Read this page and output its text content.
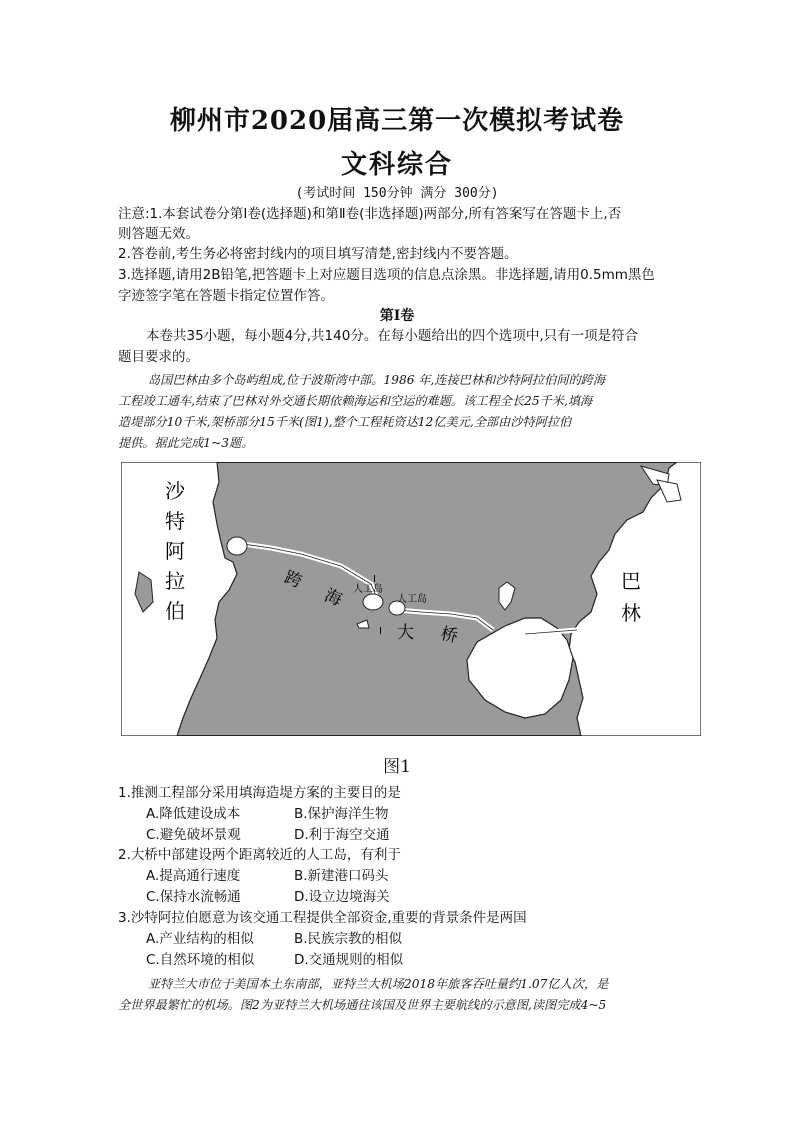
柳州市2020届高三第一次模拟考试卷
文科综合
(考试时间 150分钟 满分 300分)
注意:1.本套试卷分第Ⅰ卷(选择题)和第Ⅱ卷(非选择题)两部分,所有答案写在答题卡上,否
则答题无效。
2.答卷前,考生务必将密封线内的项目填写清楚,密封线内不要答题。
3.选择题,请用2B铅笔,把答题卡上对应题目选项的信息点涂黑。非选择题,请用0.5mm黑色
字迹签字笔在答题卡指定位置作答。
第Ⅰ卷
本卷共35小题，每小题4分,共140分。在每小题给出的四个选项中,只有一项是符合
题目要求的。
岛国巴林由多个岛屿组成,位于波斯湾中部。1986 年,连接巴林和沙特阿拉伯间的跨海
工程竣工通车,结束了巴林对外交通长期依赖海运和空运的难题。该工程全长25千米,填海
造堤部分10千米,架桥部分15千米(图1),整个工程耗资达12亿美元,全部由沙特阿拉伯
提供。据此完成1~3题。
I
I
沙
特
阿
拉
伯
巴
林
跨
海
大 桥
人工岛
人工岛
图1
1.推测工程部分采用填海造堤方案的主要目的是
A.降低建设成本	B.保护海洋生物
C.避免破坏景观	D.利于海空交通
2.大桥中部建设两个距离较近的人工岛，有利于
A.提高通行速度	B.新建港口码头
C.保持水流畅通	D.设立边境海关
3.沙特阿拉伯愿意为该交通工程提供全部资金,重要的背景条件是两国
A.产业结构的相似	B.民族宗教的相似
C.自然环境的相似	D.交通规则的相似
亚特兰大市位于美国本土东南部，亚特兰大机场2018年旅客吞吐量约1.07亿人次，是
全世界最繁忙的机场。图2为亚特兰大机场通往该国及世界主要航线的示意图,读图完成4~5
